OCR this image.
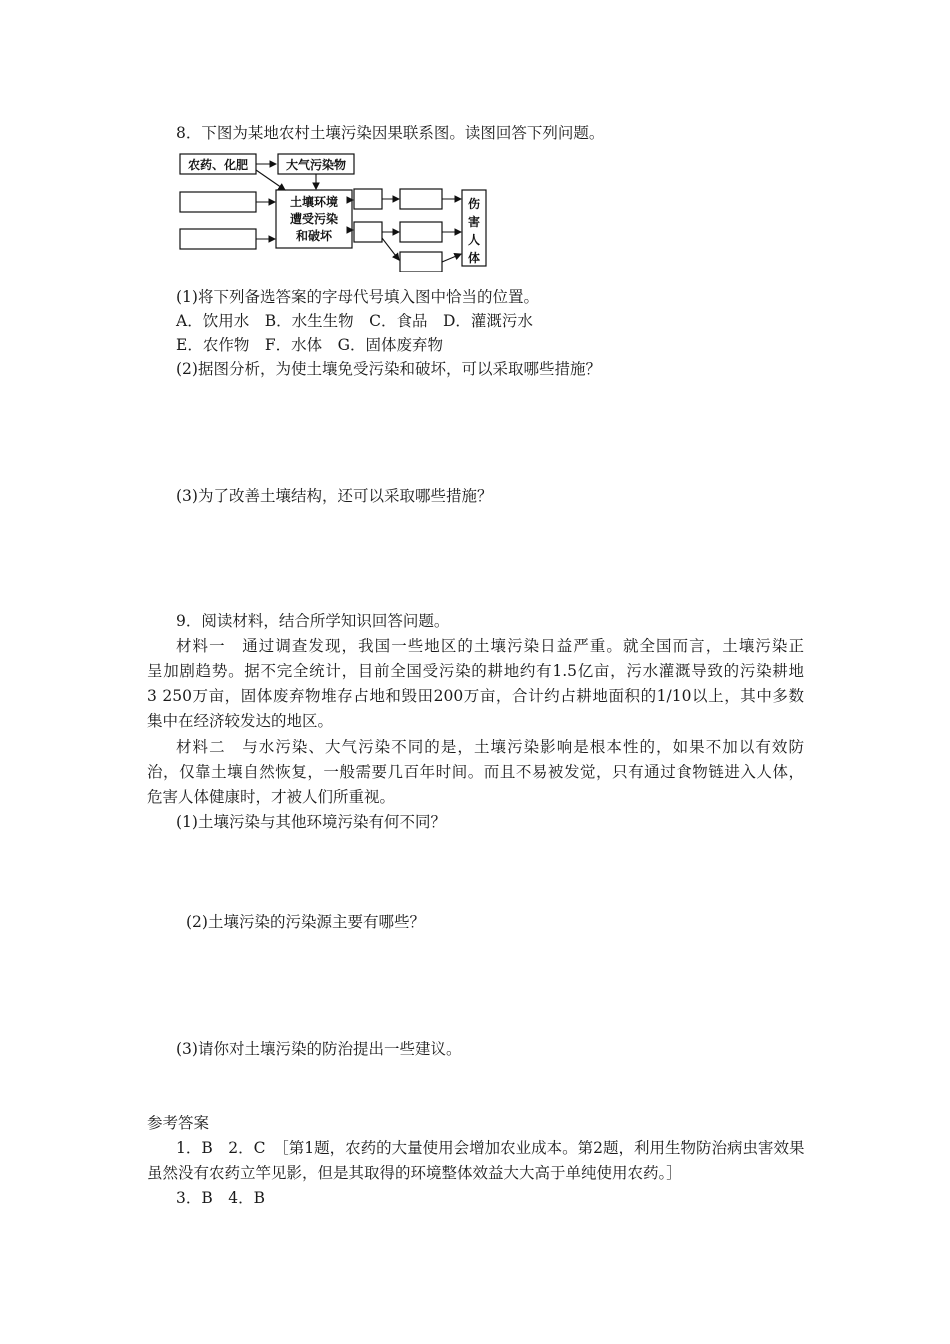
8．下图为某地农村土壤污染因果联系图。读图回答下列问题。
农药、化肥	大气污染物
土壤环境
遭受污染
和破坏
伤
害
人
体
(1)将下列备选答案的字母代号填入图中恰当的位置。
A．饮用水　B．水生生物　C．食品　D．灌溉污水
E．农作物　F．水体　G．固体废弃物
(2)据图分析，为使土壤免受污染和破坏，可以采取哪些措施？
(3)为了改善土壤结构，还可以采取哪些措施？
9．阅读材料，结合所学知识回答问题。
材料一　通过调查发现，我国一些地区的土壤污染日益严重。就全国而言，土壤污染正
呈加剧趋势。据不完全统计，目前全国受污染的耕地约有1.5亿亩，污水灌溉导致的污染耕地
3 250万亩，固体废弃物堆存占地和毁田200万亩，合计约占耕地面积的1/10以上，其中多数
集中在经济较发达的地区。
材料二　与水污染、大气污染不同的是，土壤污染影响是根本性的，如果不加以有效防
治，仅靠土壤自然恢复，一般需要几百年时间。而且不易被发觉，只有通过食物链进入人体，
危害人体健康时，才被人们所重视。
(1)土壤污染与其他环境污染有何不同？
(2)土壤污染的污染源主要有哪些？
(3)请你对土壤污染的防治提出一些建议。
参考答案
1．B　2．C　［第1题，农药的大量使用会增加农业成本。第2题，利用生物防治病虫害效果
虽然没有农药立竿见影，但是其取得的环境整体效益大大高于单纯使用农药。］
3．B　4．B
